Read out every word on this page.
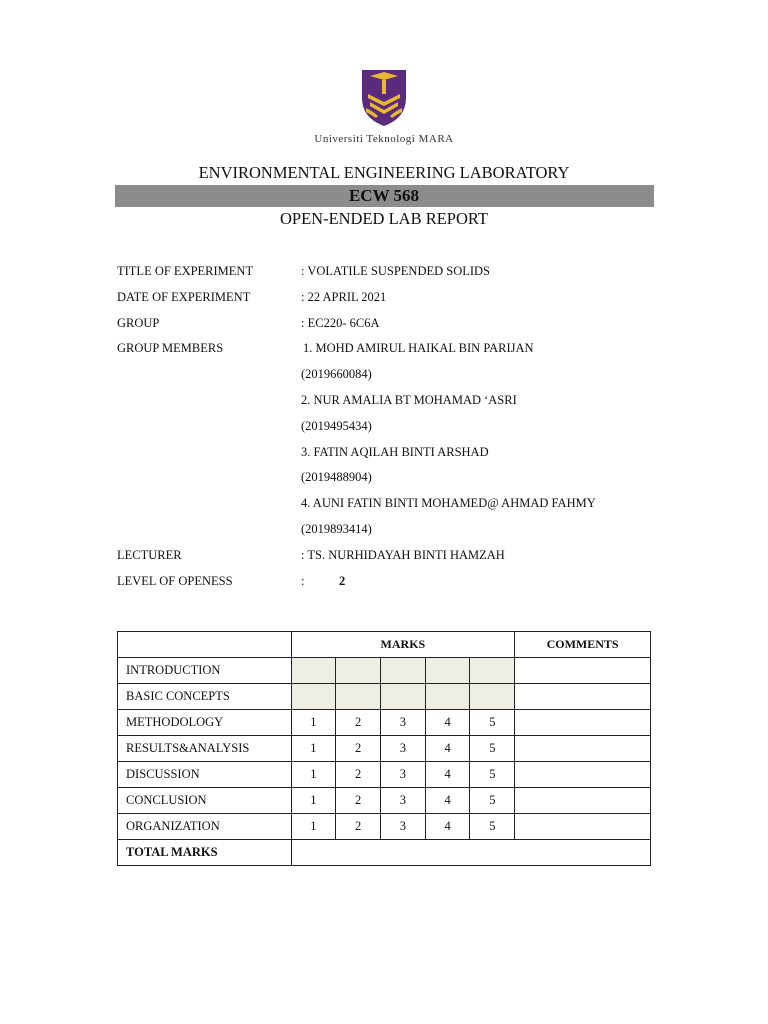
Universiti Teknologi MARA
ENVIRONMENTAL ENGINEERING LABORATORY
ECW 568
OPEN-ENDED LAB REPORT
TITLE OF EXPERIMENT	: VOLATILE SUSPENDED SOLIDS
DATE OF EXPERIMENT	: 22 APRIL 2021
GROUP	: EC220- 6C6A
GROUP MEMBERS	1. MOHD AMIRUL HAIKAL BIN PARIJAN
(2019660084)
2. NUR AMALIA BT MOHAMAD ‘ASRI
(2019495434)
3. FATIN AQILAH BINTI ARSHAD
(2019488904)
4. AUNI FATIN BINTI MOHAMED@ AHMAD FAHMY
(2019893414)
LECTURER	: TS. NURHIDAYAH BINTI HAMZAH
LEVEL OF OPENESS	:	2
	MARKS					COMMENTS
INTRODUCTION						
BASIC CONCEPTS						
METHODOLOGY	1	2	3	4	5	
RESULTS&ANALYSIS	1	2	3	4	5	
DISCUSSION	1	2	3	4	5	
CONCLUSION	1	2	3	4	5	
ORGANIZATION	1	2	3	4	5	
TOTAL MARKS						
